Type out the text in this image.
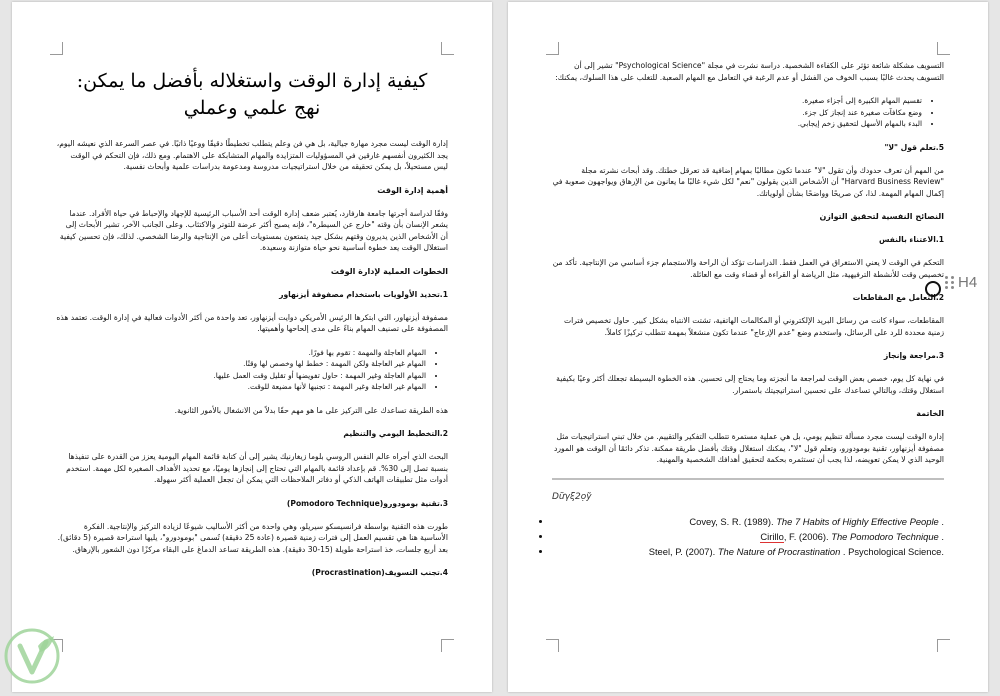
كيفية إدارة الوقت واستغلاله بأفضل ما يمكن: نهج علمي وعملي

إدارة الوقت ليست مجرد مهارة جيالية، بل هي فن وعلم يتطلب تخطيطًا دقيقًا ووعيًا ذاتيًا. في عصر السرعة الذي نعيشه اليوم، يجد الكثيرون أنفسهم غارقين في المسؤوليات المتزايدة والمهام المتشابكة على الاهتمام. ومع ذلك، فإن التحكم في الوقت ليس مستحيلاً، بل يمكن تحقيقه من خلال استراتيجيات مدروسة ومدعومة بدراسات علمية وأبحاث نفسية.

أهمية إدارة الوقت

وفقًا لدراسة أجرتها جامعة هارفارد، يُعتبر ضعف إدارة الوقت أحد الأسباب الرئيسية للإجهاد والإحباط في حياة الأفراد. عندما يشعر الإنسان بأن وقته "خارج عن السيطرة"، فإنه يصبح أكثر عرضة للتوتر والاكتئاب. وعلى الجانب الآخر، تشير الأبحاث إلى أن الأشخاص الذين يديرون وقتهم بشكل جيد يتمتعون بمستويات أعلى من الإنتاجية والرضا الشخصي. لذلك، فإن تحسين كيفية استغلال الوقت يعد خطوة أساسية نحو حياة متوازنة وسعيدة.

الخطوات العملية لإدارة الوقت
1.تحديد الأولويات باستخدام مصفوفة أيزنهاور

مصفوفة أيزنهاور، التي ابتكرها الرئيس الأمريكي دوايت أيزنهاور، تعد واحدة من أكثر الأدوات فعالية في إدارة الوقت. تعتمد هذه المصفوفة على تصنيف المهام بناءً على مدى إلحاحها وأهميتها.

• المهام العاجلة والمهمة : تقوم بها فورًا.
• المهام غير العاجلة ولكن المهمة : خطط لها وخصص لها وقتًا.
• المهام العاجلة وغير المهمة : حاول تفويضها أو تقليل وقت العمل عليها.
• المهام غير العاجلة وغير المهمة : تجنبها لأنها مضيعة للوقت.

هذه الطريقة تساعدك على التركيز على ما هو مهم حقًا بدلاً من الانشغال بالأمور الثانوية.

2.التخطيط اليومي والتنظيم

البحث الذي أجراه عالم النفس الروسي بلوما زيغارنيك يشير إلى أن كتابة قائمة المهام اليومية يعزز من القدرة على تنفيذها بنسبة تصل إلى 30%. قم بإعداد قائمة بالمهام التي تحتاج إلى إنجازها يوميًا، مع تحديد الأهداف الصغيرة لكل مهمة. استخدم أدوات مثل تطبيقات الهاتف الذكي أو دفاتر الملاحظات التي يمكن أن تجعل العملية أكثر سهولة.

3.تقنية بومودورو(Pomodoro Technique)

طورت هذه التقنية بواسطة فرانسيسكو سيريلو، وهي واحدة من أكثر الأساليب شيوعًا لزيادة التركيز والإنتاجية. الفكرة الأساسية هنا هي تقسيم العمل إلى فترات زمنية قصيرة (عادة 25 دقيقة) تُسمى "بومودورو"، يليها استراحة قصيرة (5 دقائق). بعد أربع جلسات، خذ استراحة طويلة (15-30 دقيقة). هذه الطريقة تساعد الدماغ على البقاء مركزًا دون الشعور بالإرهاق.

4.تجنب التسويف(Procrastination)

التسويف مشكلة شائعة تؤثر على الكفاءة الشخصية. دراسة نشرت في مجلة "Psychological Science" تشير إلى أن التسويف يحدث غالبًا بسبب الخوف من الفشل أو عدم الرغبة في التعامل مع المهام الصعبة. للتغلب على هذا السلوك، يمكنك:

• تقسيم المهام الكبيرة إلى أجزاء صغيرة.
• وضع مكافآت صغيرة عند إنجاز كل جزء.
• البدء بالمهام الأسهل لتحقيق زخم إيجابي.
5.تعلم قول "لا"

من المهم أن تعرف حدودك وأن تقول "لا" عندما تكون مطالبًا بمهام إضافية قد تعرقل خطتك. وقد أبحاث نشرته مجلة "Harvard Business Review" أن الأشخاص الذين يقولون "نعم" لكل شيء غالبًا ما يعانون من الإرهاق ويواجهون صعوبة في إكمال المهام المهمة. لذا، كن صريحًا وواضحًا بشأن أولوياتك.

النصائح النفسية لتحقيق التوازن
1.الاعتناء بالنفس

التحكم في الوقت لا يعني الاستغراق في العمل فقط. الدراسات تؤكد أن الراحة والاستجمام جزء أساسي من الإنتاجية. تأكد من تخصيص وقت للأنشطة الترفيهية، مثل الرياضة أو القراءة أو قضاء وقت مع العائلة.

2.التعامل مع المقاطعات

المقاطعات، سواء كانت من رسائل البريد الإلكتروني أو المكالمات الهاتفية، تشتت الانتباه بشكل كبير. حاول تخصيص فترات زمنية محددة للرد على الرسائل، واستخدم وضع "عدم الإزعاج" عندما تكون منشغلاً بمهمة تتطلب تركيزًا كاملاً.

3.مراجعة وإنجاز

في نهاية كل يوم، خصص بعض الوقت لمراجعة ما أنجزته وما يحتاج إلى تحسين. هذه الخطوة البسيطة تجعلك أكثر وعيًا بكيفية استغلال وقتك، وبالتالي تساعدك على تحسين استراتيجيتك باستمرار.

الخاتمة

إدارة الوقت ليست مجرد مسألة تنظيم يومي، بل هي عملية مستمرة تتطلب التفكير والتقييم. من خلال تبني استراتيجيات مثل مصفوفة أيزنهاور، تقنية بومودورو، وتعلم قول "لا"، يمكنك استغلال وقتك بأفضل طريقة ممكنة. تذكر دائمًا أن الوقت هو المورد الوحيد الذي لا يمكن تعويضه، لذا يجب أن تستثمره بحكمة لتحقيق أهدافك الشخصية والمهنية.

Dữγξ2ọỹ
• Covey, S. R. (1989). The 7 Habits of Highly Effective People .
• Cirillo, F. (2006). The Pomodoro Technique .
• Steel, P. (2007). The Nature of Procrastination . Psychological Science.
H4
